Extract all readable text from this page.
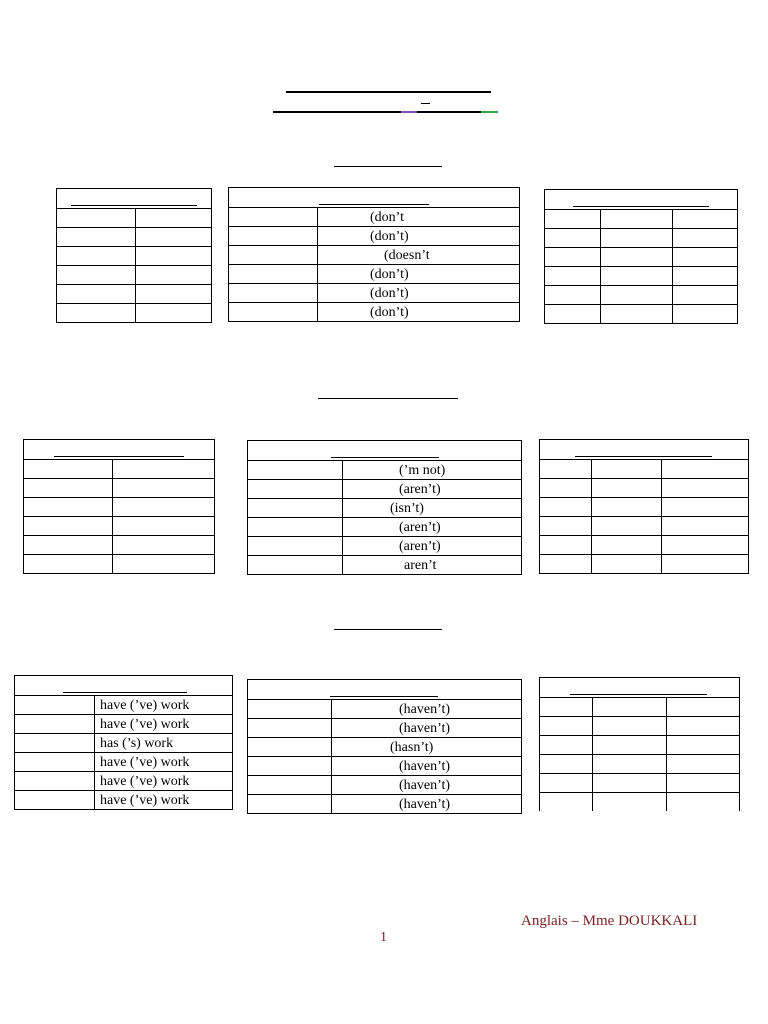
	(don’t
	(don’t)
	(doesn’t
	(don’t)
	(don’t)
	(don’t)

	(’m not)
	(aren’t)
	(isn’t)
	(aren’t)
	(aren’t)
	aren’t

	have (’ve) work
	have (’ve) work
	has (’s) work
	have (’ve) work
	have (’ve) work
	have (’ve) work

	(haven’t)
	(haven’t)
	(hasn’t)
	(haven’t)
	(haven’t)
	(haven’t)

Anglais – Mme DOUKKALI
1
